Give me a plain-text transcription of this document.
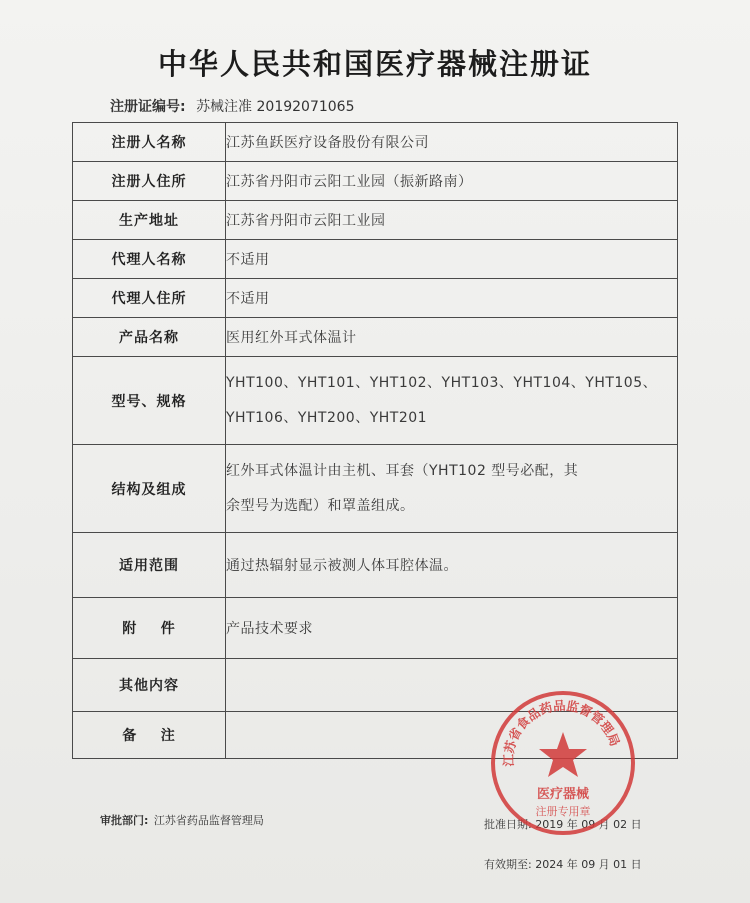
中华人民共和国医疗器械注册证
注册证编号: 苏械注准 20192071065
注册人名称	江苏鱼跃医疗设备股份有限公司
注册人住所	江苏省丹阳市云阳工业园（振新路南）
生产地址	江苏省丹阳市云阳工业园
代理人名称	不适用
代理人住所	不适用
产品名称	医用红外耳式体温计
型号、规格	YHT100、YHT101、YHT102、YHT103、YHT104、YHT105、
YHT106、YHT200、YHT201

结构及组成	红外耳式体温计由主机、耳套（YHT102 型号必配，其
余型号为选配）和罩盖组成。

适用范围	通过热辐射显示被测人体耳腔体温。
附    件	产品技术要求
其他内容	
备    注	
审批部门: 江苏省药品监督管理局	批准日期: 2019 年 09 月 02 日
有效期至: 2024 年 09 月 01 日
江苏省食品药品监督管理局
医疗器械
注册专用章
